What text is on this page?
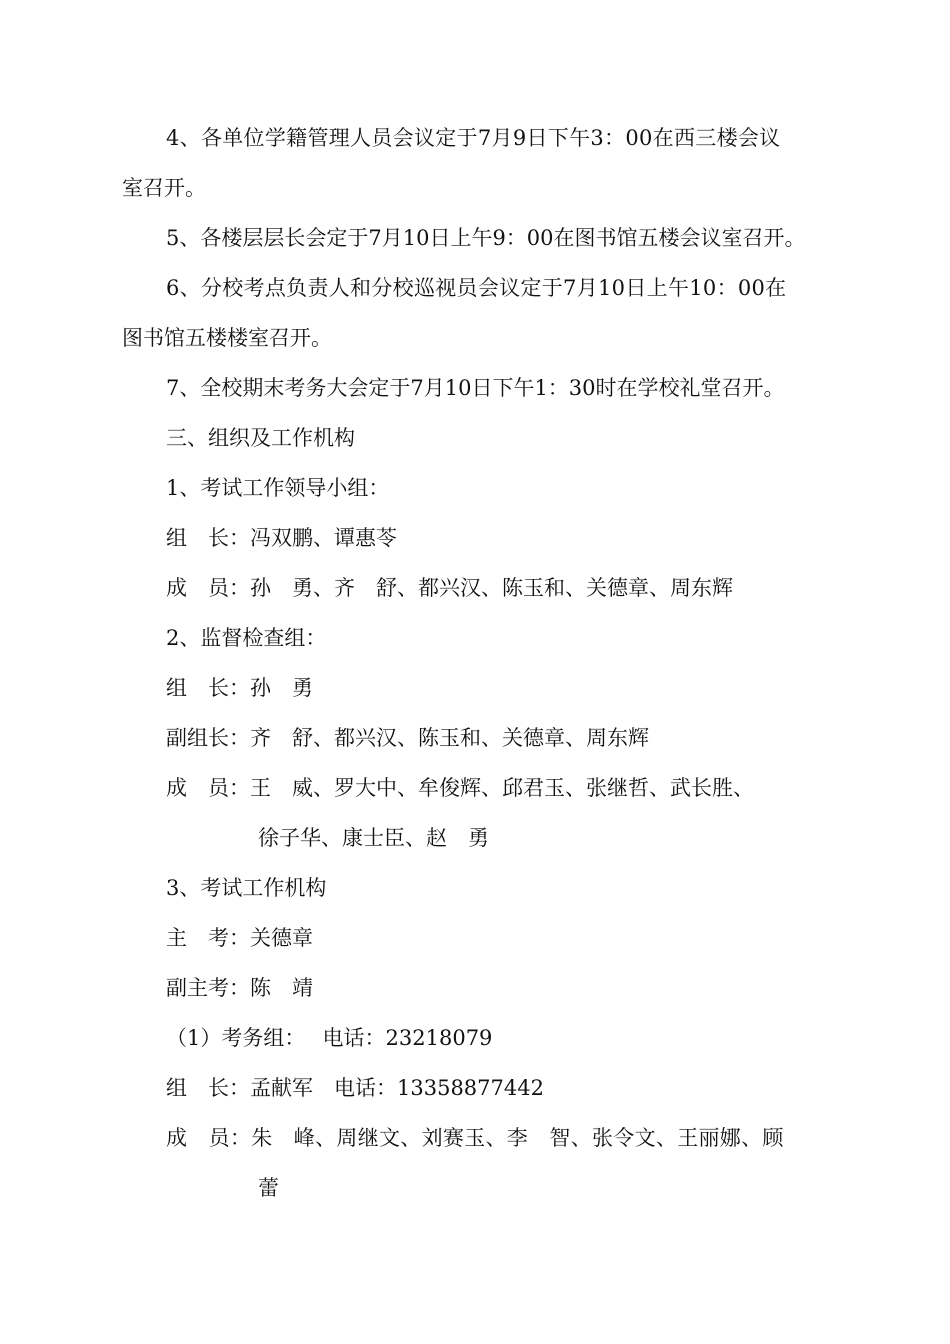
4、各单位学籍管理人员会议定于7月9日下午3：00在西三楼会议
室召开。
5、各楼层层长会定于7月10日上午9：00在图书馆五楼会议室召开。
6、分校考点负责人和分校巡视员会议定于7月10日上午10：00在
图书馆五楼楼室召开。
7、全校期末考务大会定于7月10日下午1：30时在学校礼堂召开。
三、组织及工作机构
1、考试工作领导小组：
组　长：冯双鹏、谭惠苓
成　员：孙　勇、齐　舒、都兴汉、陈玉和、关德章、周东辉
2、监督检查组：
组　长：孙　勇
副组长：齐　舒、都兴汉、陈玉和、关德章、周东辉
成　员：王　威、罗大中、牟俊辉、邱君玉、张继哲、武长胜、
徐子华、康士臣、赵　勇
3、考试工作机构
主　考：关德章
副主考：陈　靖
（1）考务组：　 电话：23218079
组　长：孟献军　电话：13358877442
成　员：朱　峰、周继文、刘赛玉、李　智、张令文、王丽娜、顾
蕾
